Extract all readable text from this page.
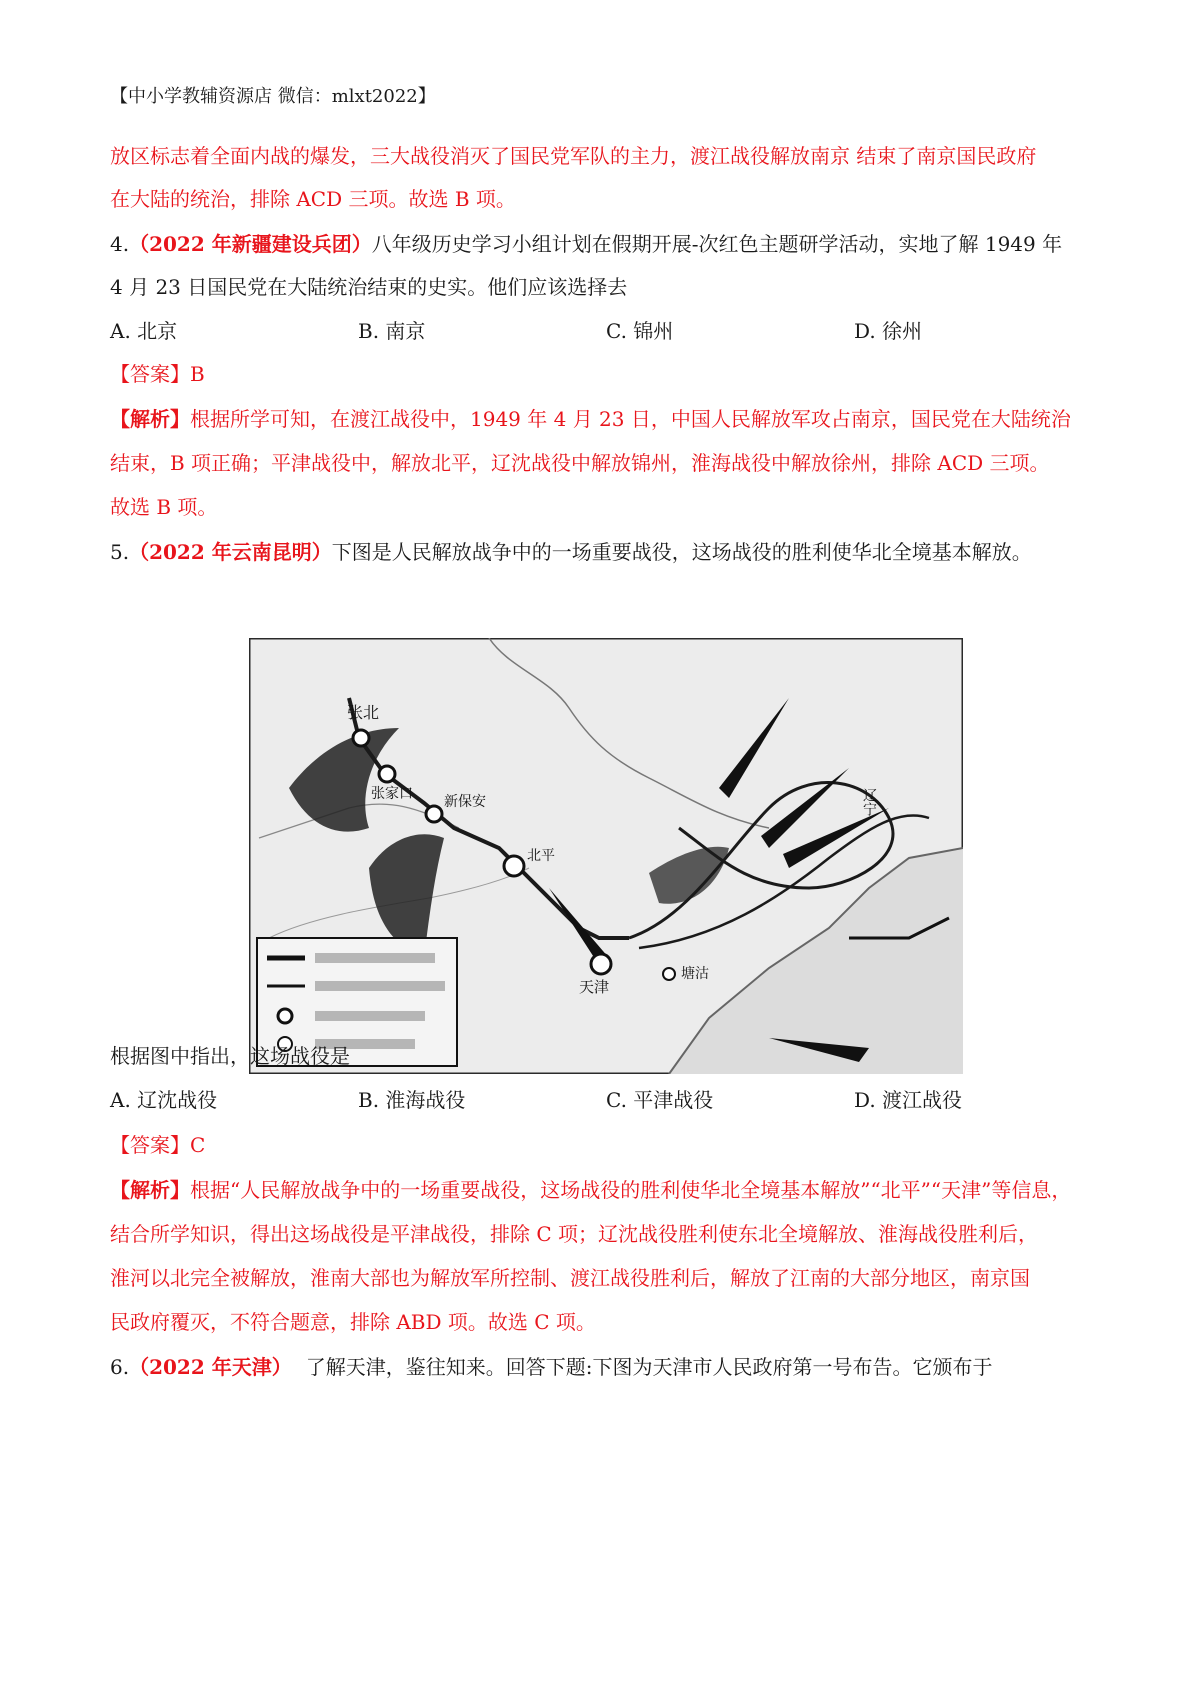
【中小学教辅资源店 微信：mlxt2022】
放区标志着全面内战的爆发，三大战役消灭了国民党军队的主力，渡江战役解放南京 结束了南京国民政府
在大陆的统治，排除 ACD 三项。故选 B 项。
4.（2022 年新疆建设兵团）八年级历史学习小组计划在假期开展-次红色主题研学活动，实地了解 1949 年
4 月 23 日国民党在大陆统治结束的史实。他们应该选择去
A. 北京	B. 南京	C. 锦州	D. 徐州
【答案】B
【解析】根据所学可知，在渡江战役中，1949 年 4 月 23 日，中国人民解放军攻占南京，国民党在大陆统治
结束，B 项正确；平津战役中，解放北平，辽沈战役中解放锦州，淮海战役中解放徐州，排除 ACD 三项。
故选 B 项。
5.（2022 年云南昆明）下图是人民解放战争中的一场重要战役，这场战役的胜利使华北全境基本解放。
张北
张家口 新保安
北平
天津
塘沽
辽宁
根据图中指出，这场战役是
A. 辽沈战役	B. 淮海战役	C. 平津战役	D. 渡江战役
【答案】C
【解析】根据“人民解放战争中的一场重要战役，这场战役的胜利使华北全境基本解放”“北平”“天津”等信息，
结合所学知识，得出这场战役是平津战役，排除 C 项；辽沈战役胜利使东北全境解放、淮海战役胜利后，
淮河以北完全被解放，淮南大部也为解放军所控制、渡江战役胜利后，解放了江南的大部分地区，南京国
民政府覆灭，不符合题意，排除 ABD 项。故选 C 项。
6.（2022 年天津） 了解天津，鉴往知来。回答下题:下图为天津市人民政府第一号布告。它颁布于
